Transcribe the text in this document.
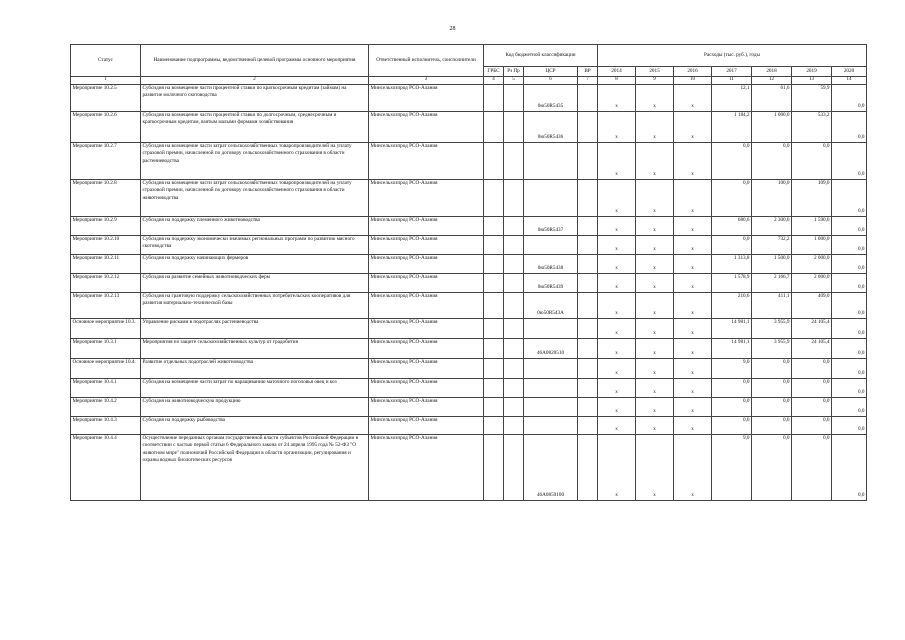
28
Статус	Наименование подпрограммы, ведомственной целевой программы основного мероприятия	Ответственный исполнитель, соисполнители	Код бюджетной классификации				Расходы (тыс. руб.), годы						
			ГРБС	Рз Пр	ЦСР	ВР	2014	2015	2016	2017	2018	2019	2020
1	2	3	4	5	6	7	8	9	10	11	12	13	14
Мероприятие 10.2.5	Субсидия на возмещение части процентной ставки по краткосрочным кредитам (займам) на развитие молочного скотоводства	Минсельхозпрод РСО-Алания			0ю50R5435		х	х	х	12,1	61,6	59,9	0,0
Мероприятие 10.2.6	Субсидия на возмещение части процентной ставки по долгосрочным, среднесрочным и краткосрочным кредитам, взятым малыми формами хозяйствования	Минсельхозпрод РСО-Алания			0ю50R5436		х	х	х	1 184,2	1 000,0	533,2	0,0
Мероприятие 10.2.7	Субсидия на возмещение части затрат сельскохозяйственных товаропроизводителей на уплату страховой премии, начисленной по договору сельскохозяйственного страхования в области растениеводства	Минсельхозпрод РСО-Алания					х	х	х	0,0	0,0	0,0	0,0
Мероприятие 10.2.8	Субсидия на возмещение части затрат сельскохозяйственных товаропроизводителей на уплату страховой премии, начисленной по договору сельскохозяйственного страхования в области животноводства	Минсельхозпрод РСО-Алания					х	х	х	0,0	100,0	109,0	0,0
Мероприятие 10.2.9	Субсидия на поддержку племенного животноводства	Минсельхозпрод РСО-Алания			0ю50R5437		х	х	х	680,6	2 300,0	1 590,0	0,0
Мероприятие 10.2.10	Субсидия на поддержку экономически значимых региональных программ по развитию мясного скотоводства	Минсельхозпрод РСО-Алания					х	х	х	0,0	732,2	1 000,0	0,0
Мероприятие 10.2.11	Субсидия на поддержку начинающих фермеров	Минсельхозпрод РСО-Алания			0ю50R5438		х	х	х	1 313,8	1 500,0	2 000,0	0,0
Мероприятие 10.2.12	Субсидия на развитие семейных животноводческих ферм	Минсельхозпрод РСО-Алания			0ю50R5439		х	х	х	1 578,9	2 166,7	2 000,0	0,0
Мероприятие 10.2.13	Субсидия на грантовую поддержку сельскохозяйственных потребительских кооперативов для развития материально-технической базы	Минсельхозпрод РСО-Алания			0ю50R543А		х	х	х	210,6	411,1	409,0	0,0
Основное мероприятие 10.3.	Управление рисками в подотраслях растениеводства	Минсельхозпрод РСО-Алания					х	х	х	14 981,1	3 955,9	24 105,4	0,0
Мероприятие 10.3.1	Мероприятия по защите сельскохозяйственных культур от градобития	Минсельхозпрод РСО-Алания			46А0820510		х	х	х	14 981,1	3 955,9	24 105,4	0,0
Основное мероприятие 10.4.	Развитие отдельных подотраслей животноводства	Минсельхозпрод РСО-Алания					х	х	х	9,0	0,0	0,0	0,0
Мероприятие 10.4.1	Субсидия на возмещение части затрат по наращиванию маточного поголовья овец и коз	Минсельхозпрод РСО-Алания					х	х	х	0,0	0,0	0,0	0,0
Мероприятие 10.4.2	Субсидия на животноводческую продукцию	Минсельхозпрод РСО-Алания					х	х	х	0,0	0,0	0,0	0,0
Мероприятие 10.4.3	Субсидия на поддержку рыбоводства	Минсельхозпрод РСО-Алания					х	х	х	0,0	0,0	0,0	0,0
Мероприятие 10.4.4	Осуществление переданных органам государственной власти субъектов Российской Федерации в соответствии с частью первой статьи 6 Федерального закона от 24 апреля 1995 года № 52-ФЗ "О животном мире" полномочий Российской Федерации в области организации, регулирования и охраны водных биологических ресурсов	Минсельхозпрод РСО-Алания			46А0859100		х	х	х	9,0	0,0	0,0	0,0
